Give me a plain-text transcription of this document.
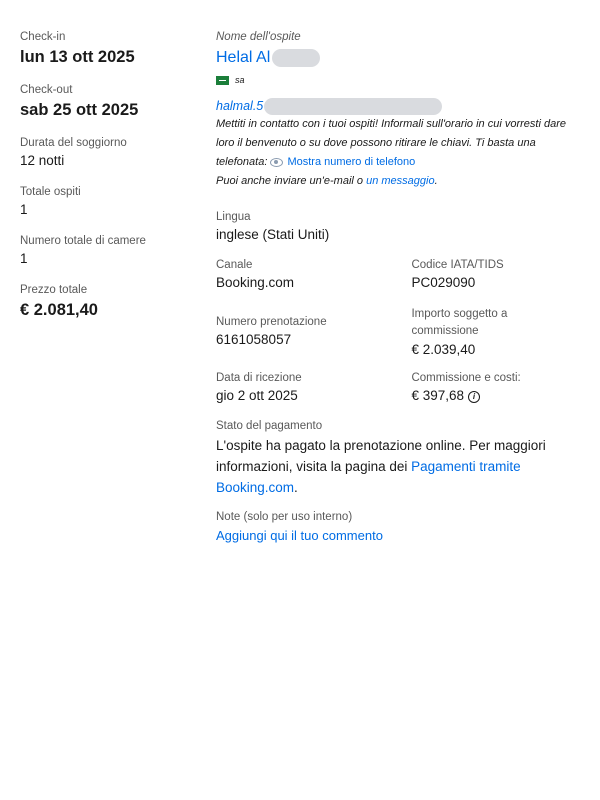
Check-in
lun 13 ott 2025
Check-out
sab 25 ott 2025
Durata del soggiorno
12 notti
Totale ospiti
1
Numero totale di camere
1
Prezzo totale
€ 2.081,40
Nome dell'ospite
Helal Al
sa
halmal.5
Mettiti in contatto con i tuoi ospiti! Informali sull'orario in cui vorresti dare loro il benvenuto o su dove possono ritirare le chiavi. Ti basta una telefonata: Mostra numero di telefono
Puoi anche inviare un'e-mail o un messaggio.
Lingua
inglese (Stati Uniti)
Canale
Booking.com
Codice IATA/TIDS
PC029090
Numero prenotazione
6161058057
Importo soggetto a commissione
€ 2.039,40
Data di ricezione
gio 2 ott 2025
Commissione e costi:
€ 397,68 i
Stato del pagamento
L'ospite ha pagato la prenotazione online. Per maggiori informazioni, visita la pagina dei Pagamenti tramite Booking.com.
Note (solo per uso interno)
Aggiungi qui il tuo commento
